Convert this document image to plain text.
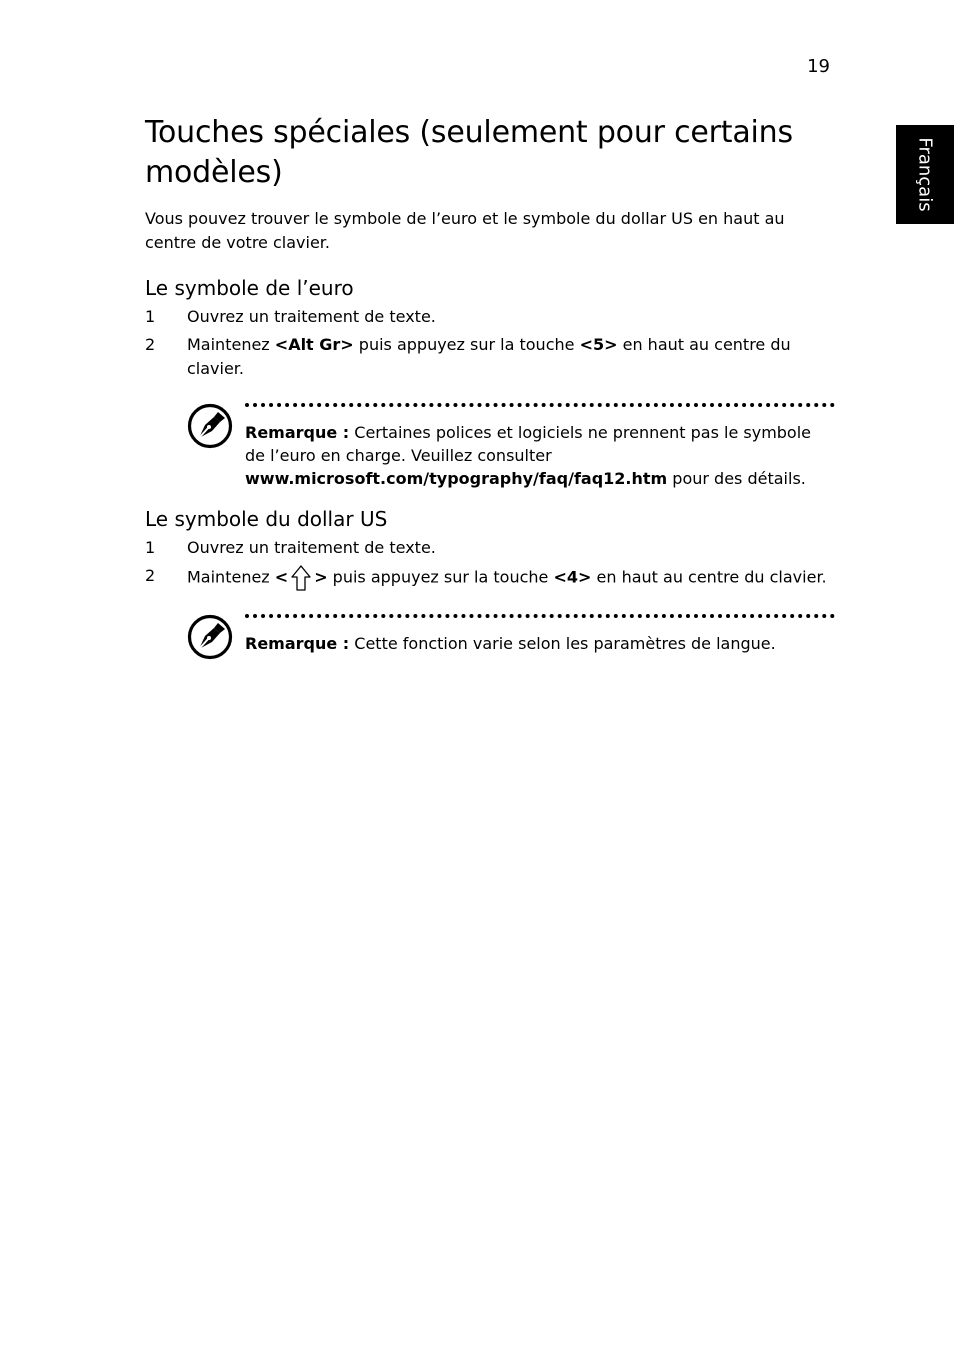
19
Français
Touches spéciales (seulement pour certains modèles)

Vous pouvez trouver le symbole de l’euro et le symbole du dollar US en haut au centre de votre clavier.

Le symbole de l’euro
1	Ouvrez un traitement de texte.
2	Maintenez <Alt Gr> puis appuyez sur la touche <5> en haut au centre du clavier.
Remarque : Certaines polices et logiciels ne prennent pas le symbole de l’euro en charge. Veuillez consulter www.microsoft.com/typography/faq/faq12.htm pour des détails.
Le symbole du dollar US
1	Ouvrez un traitement de texte.
2	Maintenez < > puis appuyez sur la touche <4> en haut au centre du clavier.
Remarque : Cette fonction varie selon les paramètres de langue.
